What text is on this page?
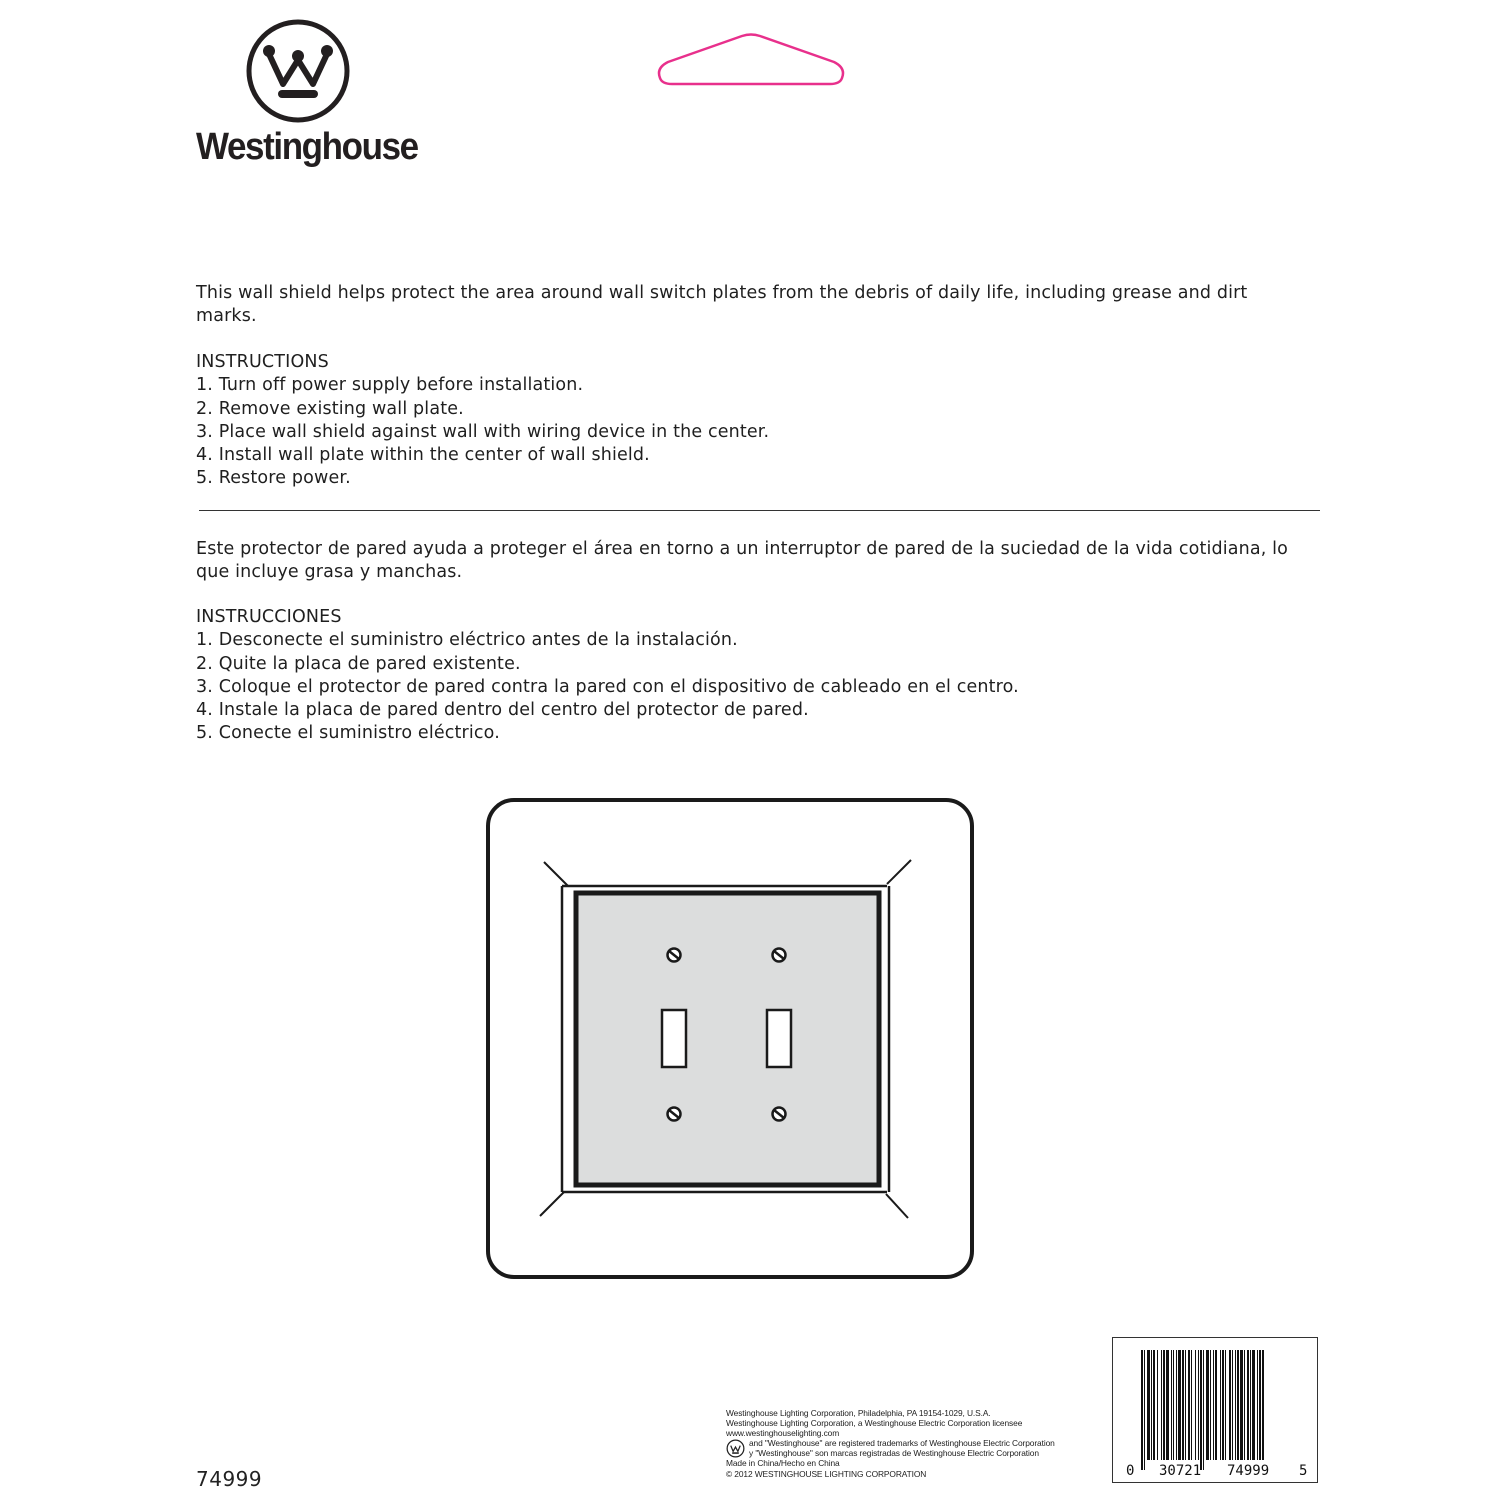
Westinghouse
This wall shield helps protect the area around wall switch plates from the debris of daily life, including grease and dirt marks.
INSTRUCTIONS
1. Turn off power supply before installation.
2. Remove existing wall plate.
3. Place wall shield against wall with wiring device in the center.
4. Install wall plate within the center of wall shield.
5. Restore power.
Este protector de pared ayuda a proteger el área en torno a un interruptor de pared de la suciedad de la vida cotidiana, lo que incluye grasa y manchas.
INSTRUCCIONES
1. Desconecte el suministro eléctrico antes de la instalación.
2. Quite la placa de pared existente.
3. Coloque el protector de pared contra la pared con el dispositivo de cableado en el centro.
4. Instale la placa de pared dentro del centro del protector de pared.
5. Conecte el suministro eléctrico.
Westinghouse Lighting Corporation, Philadelphia, PA 19154-1029, U.S.A.
Westinghouse Lighting Corporation, a Westinghouse Electric Corporation licensee
www.westinghouselighting.com
and "Westinghouse" are registered trademarks of Westinghouse Electric Corporation
y "Westinghouse" son marcas registradas de Westinghouse Electric Corporation
Made in China/Hecho en China
© 2012 WESTINGHOUSE LIGHTING CORPORATION
74999	0 30721 74999 5
